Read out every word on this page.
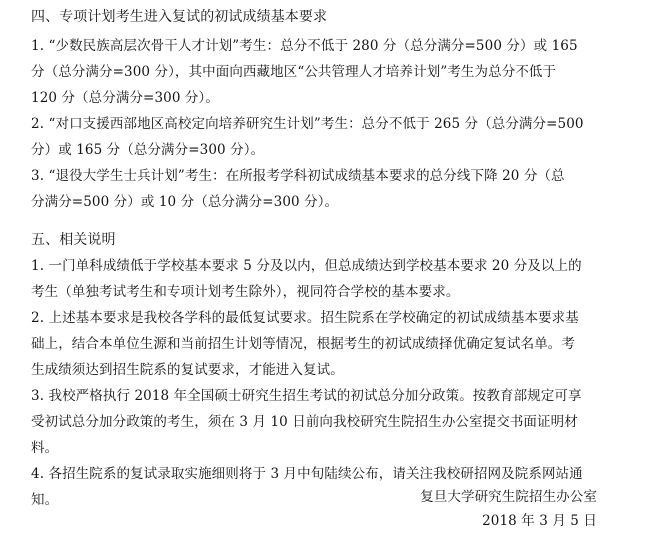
四、专项计划考生进入复试的初试成绩基本要求
1. “少数民族高层次骨干人才计划”考生：总分不低于 280 分（总分满分=500 分）或 165
分（总分满分=300 分），其中面向西藏地区“公共管理人才培养计划”考生为总分不低于
120 分（总分满分=300 分）。
2. “对口支援西部地区高校定向培养研究生计划”考生：总分不低于 265 分（总分满分=500
分）或 165 分（总分满分=300 分）。
3. “退役大学生士兵计划”考生：在所报考学科初试成绩基本要求的总分线下降 20 分（总
分满分=500 分）或 10 分（总分满分=300 分）。
五、相关说明
1. 一门单科成绩低于学校基本要求 5 分及以内，但总成绩达到学校基本要求 20 分及以上的
考生（单独考试考生和专项计划考生除外），视同符合学校的基本要求。
2. 上述基本要求是我校各学科的最低复试要求。招生院系在学校确定的初试成绩基本要求基
础上，结合本单位生源和当前招生计划等情况，根据考生的初试成绩择优确定复试名单。考
生成绩须达到招生院系的复试要求，才能进入复试。
3. 我校严格执行 2018 年全国硕士研究生招生考试的初试总分加分政策。按教育部规定可享
受初试总分加分政策的考生，须在 3 月 10 日前向我校研究生院招生办公室提交书面证明材
料。
4. 各招生院系的复试录取实施细则将于 3 月中旬陆续公布，请关注我校研招网及院系网站通
知。	复旦大学研究生院招生办公室
2018 年 3 月 5 日
